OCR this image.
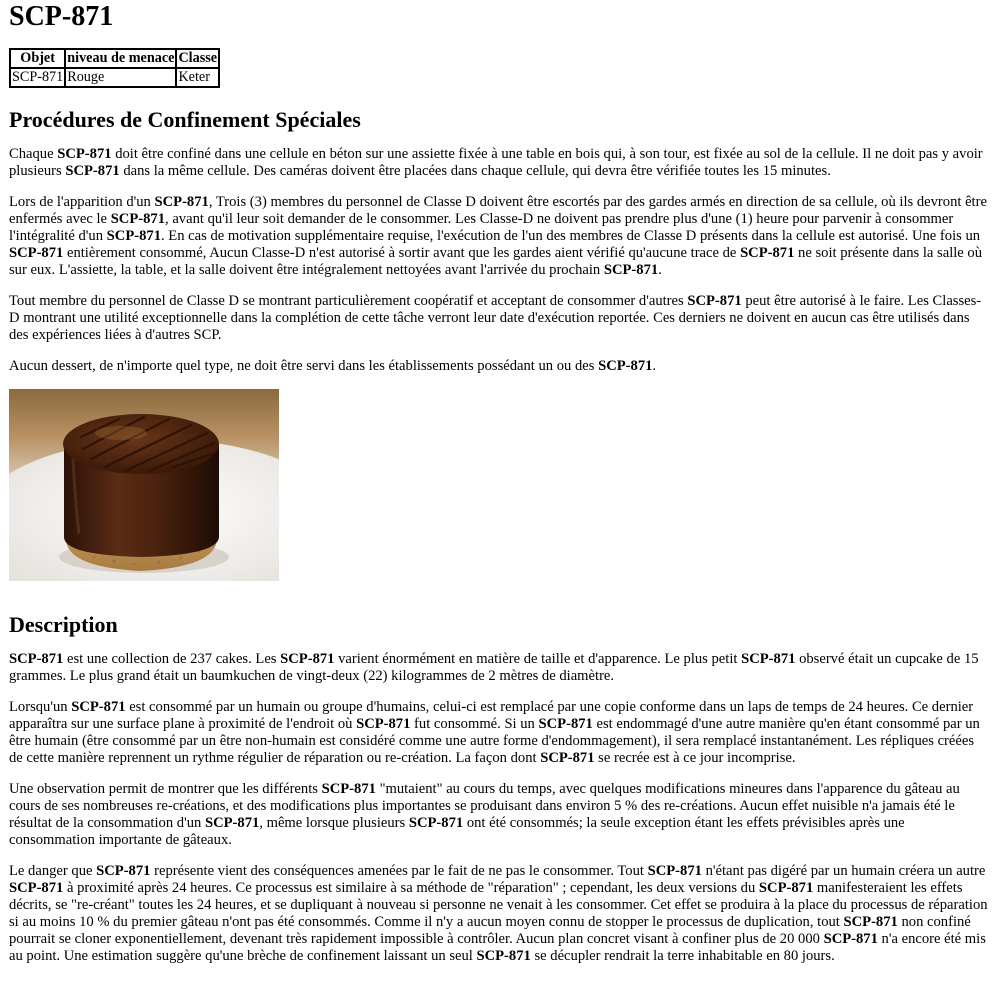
SCP-871
Objet	niveau de menace	Classe
SCP-871	Rouge	Keter
Procédures de Confinement Spéciales

Chaque SCP-871 doit être confiné dans une cellule en béton sur une assiette fixée à une table en bois qui, à son tour, est fixée au sol de la cellule. Il ne doit pas y avoir plusieurs SCP-871 dans la même cellule. Des caméras doivent être placées dans chaque cellule, qui devra être vérifiée toutes les 15 minutes.

Lors de l'apparition d'un SCP-871, Trois (3) membres du personnel de Classe D doivent être escortés par des gardes armés en direction de sa cellule, où ils devront être enfermés avec le SCP-871, avant qu'il leur soit demander de le consommer. Les Classe-D ne doivent pas prendre plus d'une (1) heure pour parvenir à consommer l'intégralité d'un SCP-871. En cas de motivation supplémentaire requise, l'exécution de l'un des membres de Classe D présents dans la cellule est autorisé. Une fois un SCP-871 entièrement consommé, Aucun Classe-D n'est autorisé à sortir avant que les gardes aient vérifié qu'aucune trace de SCP-871 ne soit présente dans la salle où sur eux. L'assiette, la table, et la salle doivent être intégralement nettoyées avant l'arrivée du prochain SCP-871.

Tout membre du personnel de Classe D se montrant particulièrement coopératif et acceptant de consommer d'autres SCP-871 peut être autorisé à le faire. Les Classes-D montrant une utilité exceptionnelle dans la complétion de cette tâche verront leur date d'exécution reportée. Ces derniers ne doivent en aucun cas être utilisés dans des expériences liées à d'autres SCP.

Aucun dessert, de n'importe quel type, ne doit être servi dans les établissements possédant un ou des SCP-871.

Description

SCP-871 est une collection de 237 cakes. Les SCP-871 varient énormément en matière de taille et d'apparence. Le plus petit SCP-871 observé était un cupcake de 15 grammes. Le plus grand était un baumkuchen de vingt-deux (22) kilogrammes de 2 mètres de diamètre.

Lorsqu'un SCP-871 est consommé par un humain ou groupe d'humains, celui-ci est remplacé par une copie conforme dans un laps de temps de 24 heures. Ce dernier apparaîtra sur une surface plane à proximité de l'endroit où SCP-871 fut consommé. Si un SCP-871 est endommagé d'une autre manière qu'en étant consommé par un être humain (être consommé par un être non-humain est considéré comme une autre forme d'endommagement), il sera remplacé instantanément. Les répliques créées de cette manière reprennent un rythme régulier de réparation ou re-création. La façon dont SCP-871 se recrée est à ce jour incomprise.

Une observation permit de montrer que les différents SCP-871 "mutaient" au cours du temps, avec quelques modifications mineures dans l'apparence du gâteau au cours de ses nombreuses re-créations, et des modifications plus importantes se produisant dans environ 5 % des re-créations. Aucun effet nuisible n'a jamais été le résultat de la consommation d'un SCP-871, même lorsque plusieurs SCP-871 ont été consommés; la seule exception étant les effets prévisibles après une consommation importante de gâteaux.

Le danger que SCP-871 représente vient des conséquences amenées par le fait de ne pas le consommer. Tout SCP-871 n'étant pas digéré par un humain créera un autre SCP-871 à proximité après 24 heures. Ce processus est similaire à sa méthode de "réparation" ; cependant, les deux versions du SCP-871 manifesteraient les effets décrits, se "re-créant" toutes les 24 heures, et se dupliquant à nouveau si personne ne venait à les consommer. Cet effet se produira à la place du processus de réparation si au moins 10 % du premier gâteau n'ont pas été consommés. Comme il n'y a aucun moyen connu de stopper le processus de duplication, tout SCP-871 non confiné pourrait se cloner exponentiellement, devenant très rapidement impossible à contrôler. Aucun plan concret visant à confiner plus de 20 000 SCP-871 n'a encore été mis au point. Une estimation suggère qu'une brèche de confinement laissant un seul SCP-871 se décupler rendrait la terre inhabitable en 80 jours.
